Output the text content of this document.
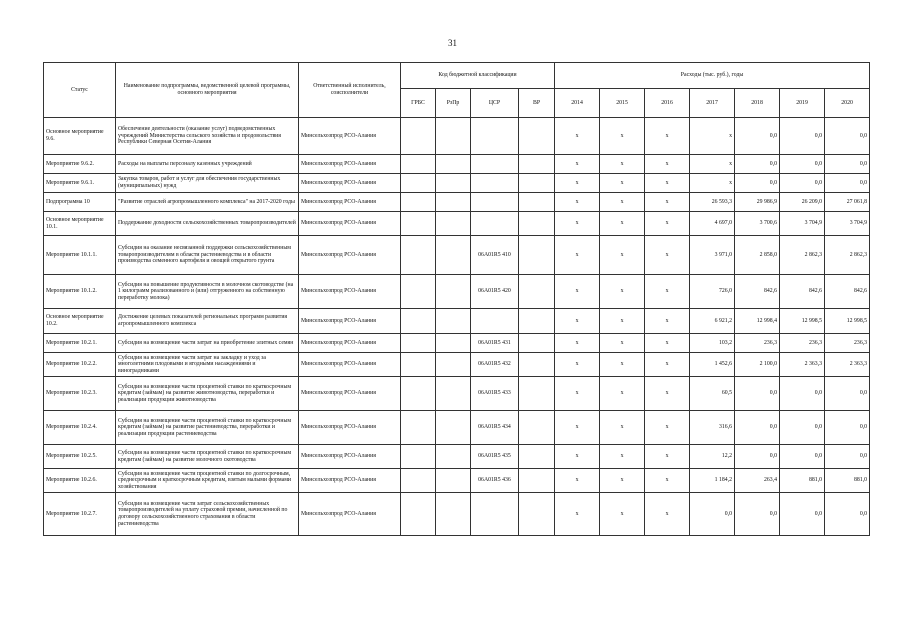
31
Статус	Наименование подпрограммы, ведомственной целевой программы, основного мероприятия	Ответственный исполнитель, соисполнители	Код бюджетной классификации				Расходы (тыс. руб.), годы						
			ГРБС	РзПр	ЦСР	ВР	2014	2015	2016	2017	2018	2019	2020
Основное мероприятие 9.6.	Обеспечение деятельности (оказание услуг) подведомственных учреждений Министерства сельского хозяйства и продовольствия Республики Северная Осетия-Алания	Минсельхозпрод РСО-Алания					x	x	x	x	0,0	0,0	0,0
Мероприятие 9.6.2.	Расходы на выплаты персоналу казенных учреждений	Минсельхозпрод РСО-Алания					x	x	x	x	0,0	0,0	0,0
Мероприятие 9.6.1.	Закупка товаров, работ и услуг для обеспечения государственных (муниципальных) нужд	Минсельхозпрод РСО-Алания					x	x	x	x	0,0	0,0	0,0
Подпрограмма 10	"Развитие отраслей агропромышленного комплекса" на 2017-2020 годы	Минсельхозпрод РСО-Алания					x	x	x	26 593,3	29 986,9	26 209,0	27 061,8
Основное мероприятие 10.1.	Поддержание доходности сельскохозяйственных товаропроизводителей	Минсельхозпрод РСО-Алания					x	x	x	4 697,0	3 700,6	3 704,9	3 704,9
Мероприятие 10.1.1.	Субсидия на оказание несвязанной поддержки сельскохозяйственным товаропроизводителям в области растениеводства и в области производства семенного картофеля и овощей открытого грунта	Минсельхозпрод РСО-Алания			06А01R5 410		x	x	x	3 971,0	2 858,0	2 862,3	2 862,3
Мероприятие 10.1.2.	Субсидия на повышение продуктивности в молочном скотоводстве (на 1 килограмм реализованного и (или) отгруженного на собственную переработку молока)	Минсельхозпрод РСО-Алания			06А01R5 420		x	x	x	726,0	842,6	842,6	842,6
Основное мероприятие 10.2.	Достижение целевых показателей региональных программ развития агропромышленного комплекса	Минсельхозпрод РСО-Алания					x	x	x	6 921,2	12 998,4	12 998,5	12 998,5
Мероприятие 10.2.1.	Субсидия на возмещение части затрат на приобретение элитных семян	Минсельхозпрод РСО-Алания			06А01R5 431		x	x	x	103,2	236,3	236,3	236,3
Мероприятие 10.2.2.	Субсидия на возмещение части затрат на закладку и уход за многолетними плодовыми и ягодными насаждениями и виноградниками	Минсельхозпрод РСО-Алания			06А01R5 432		x	x	x	1 452,6	2 100,0	2 363,3	2 363,3
Мероприятие 10.2.3.	Субсидия на возмещение части процентной ставки по краткосрочным кредитам (займам) на развитие животноводства, переработки и реализации продукции животноводства	Минсельхозпрод РСО-Алания			06А01R5 433		x	x	x	60,5	0,0	0,0	0,0
Мероприятие 10.2.4.	Субсидия на возмещение части процентной ставки по краткосрочным кредитам (займам) на развитие растениеводства, переработки и реализации продукции растениеводства	Минсельхозпрод РСО-Алания			06А01R5 434		x	x	x	316,6	0,0	0,0	0,0
Мероприятие 10.2.5.	Субсидия на возмещение части процентной ставки по краткосрочным кредитам (займам) на развитие молочного скотоводства	Минсельхозпрод РСО-Алания			06А01R5 435		x	x	x	12,2	0,0	0,0	0,0
Мероприятие 10.2.6.	Субсидия на возмещение части процентной ставки по долгосрочным, среднесрочным и краткосрочным кредитам, взятым малыми формами хозяйствования	Минсельхозпрод РСО-Алания			06А01R5 436		x	x	x	1 184,2	263,4	881,0	881,0
Мероприятие 10.2.7.	Субсидия на возмещение части затрат сельскохозяйственных товаропроизводителей на уплату страховой премии, начисленной по договору сельскохозяйственного страхования в области растениеводства	Минсельхозпрод РСО-Алания					x	x	x	0,0	0,0	0,0	0,0
